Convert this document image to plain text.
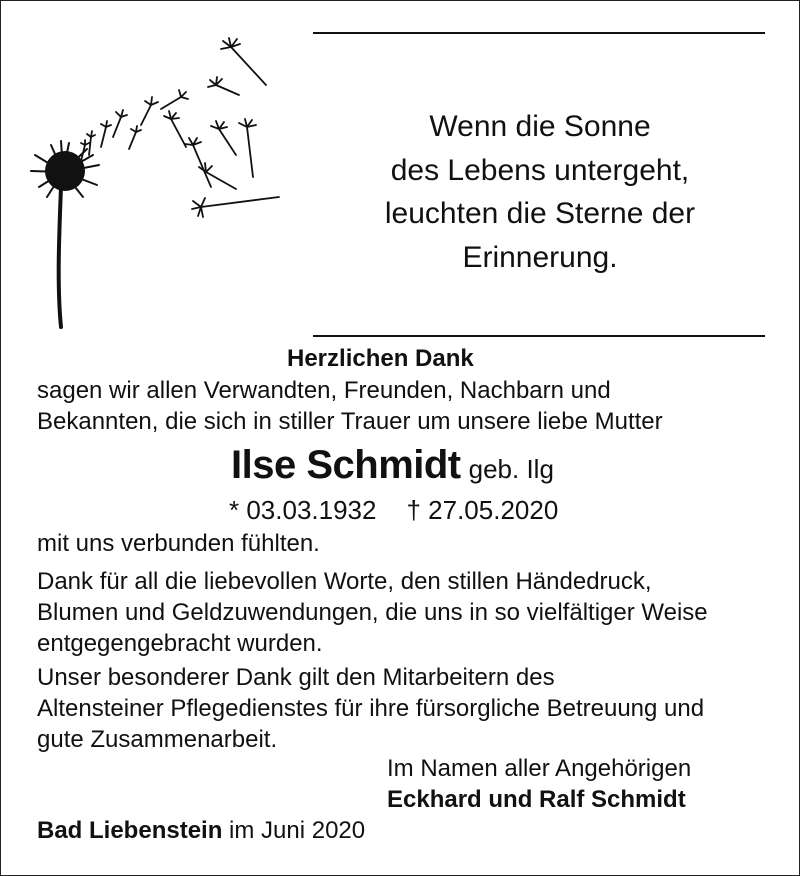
Wenn die Sonne
des Lebens untergeht,
leuchten die Sterne der
Erinnerung.
Herzlichen Dank
sagen wir allen Verwandten, Freunden, Nachbarn und
Bekannten, die sich in stiller Trauer um unsere liebe Mutter
Ilse Schmidt geb. Ilg
* 03.03.1932 † 27.05.2020
mit uns verbunden fühlten.
Dank für all die liebevollen Worte, den stillen Händedruck,
Blumen und Geldzuwendungen, die uns in so vielfältiger Weise
entgegengebracht wurden.
Unser besonderer Dank gilt den Mitarbeitern des
Altensteiner Pflegedienstes für ihre fürsorgliche Betreuung und
gute Zusammenarbeit.
Im Namen aller Angehörigen
Eckhard und Ralf Schmidt
Bad Liebenstein im Juni 2020
